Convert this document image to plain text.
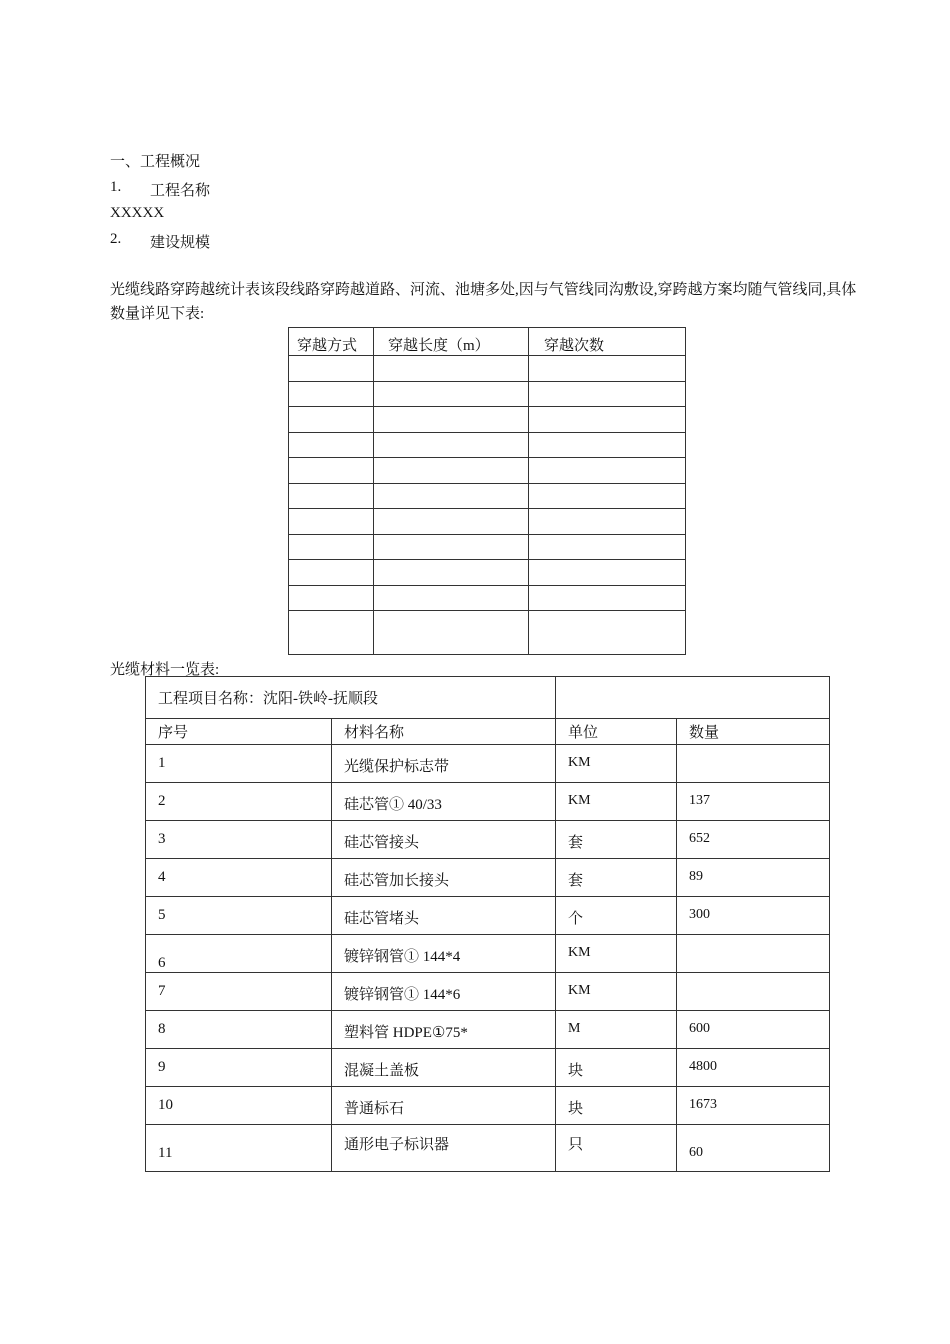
一、工程概况
1. 工程名称
XXXXX
2. 建设规模
光缆线路穿跨越统计表该段线路穿跨越道路、河流、池塘多处,因与气管线同沟敷设,穿跨越方案均随气管线同,具体数量详见下表:
穿越方式	穿越长度（m）	穿越次数

光缆材料一览表:
工程项目名称：沈阳-铁岭-抚顺段			
序号	材料名称	单位	数量
1	光缆保护标志带	KM	
2	硅芯管① 40/33	KM	137
3	硅芯管接头	套	652
4	硅芯管加长接头	套	89
5	硅芯管堵头	个	300
6	镀锌钢管① 144*4	KM	
7	镀锌钢管① 144*6	KM	
8	塑料管 HDPE①75*	M	600
9	混凝土盖板	块	4800
10	普通标石	块	1673
11	通形电子标识器	只	60
